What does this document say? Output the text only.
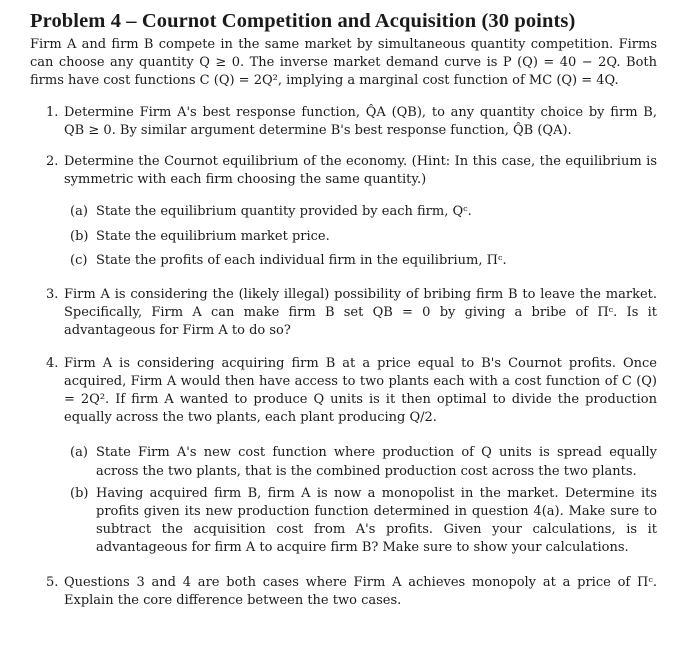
Problem 4 – Cournot Competition and Acquisition (30 points)

Firm A and firm B compete in the same market by simultaneous quantity competition. Firms can choose any quantity Q ≥ 0. The inverse market demand curve is P (Q) = 40 − 2Q. Both firms have cost functions C (Q) = 2Q², implying a marginal cost function of MC (Q) = 4Q.

1. Determine Firm A's best response function, Q̂A (QB), to any quantity choice by firm B, QB ≥ 0. By similar argument determine B's best response function, Q̂B (QA).
2. Determine the Cournot equilibrium of the economy. (Hint: In this case, the equilibrium is symmetric with each firm choosing the same quantity.)
(a) State the equilibrium quantity provided by each firm, Qᶜ.
(b) State the equilibrium market price.
(c) State the profits of each individual firm in the equilibrium, Πᶜ.
3. Firm A is considering the (likely illegal) possibility of bribing firm B to leave the market. Specifically, Firm A can make firm B set QB = 0 by giving a bribe of Πᶜ. Is it advantageous for Firm A to do so?
4. Firm A is considering acquiring firm B at a price equal to B's Cournot profits. Once acquired, Firm A would then have access to two plants each with a cost function of C (Q) = 2Q². If firm A wanted to produce Q units is it then optimal to divide the production equally across the two plants, each plant producing Q/2.
(a) State Firm A's new cost function where production of Q units is spread equally across the two plants, that is the combined production cost across the two plants.
(b) Having acquired firm B, firm A is now a monopolist in the market. Determine its profits given its new production function determined in question 4(a). Make sure to subtract the acquisition cost from A's profits. Given your calculations, is it advantageous for firm A to acquire firm B? Make sure to show your calculations.
5. Questions 3 and 4 are both cases where Firm A achieves monopoly at a price of Πᶜ. Explain the core difference between the two cases.
